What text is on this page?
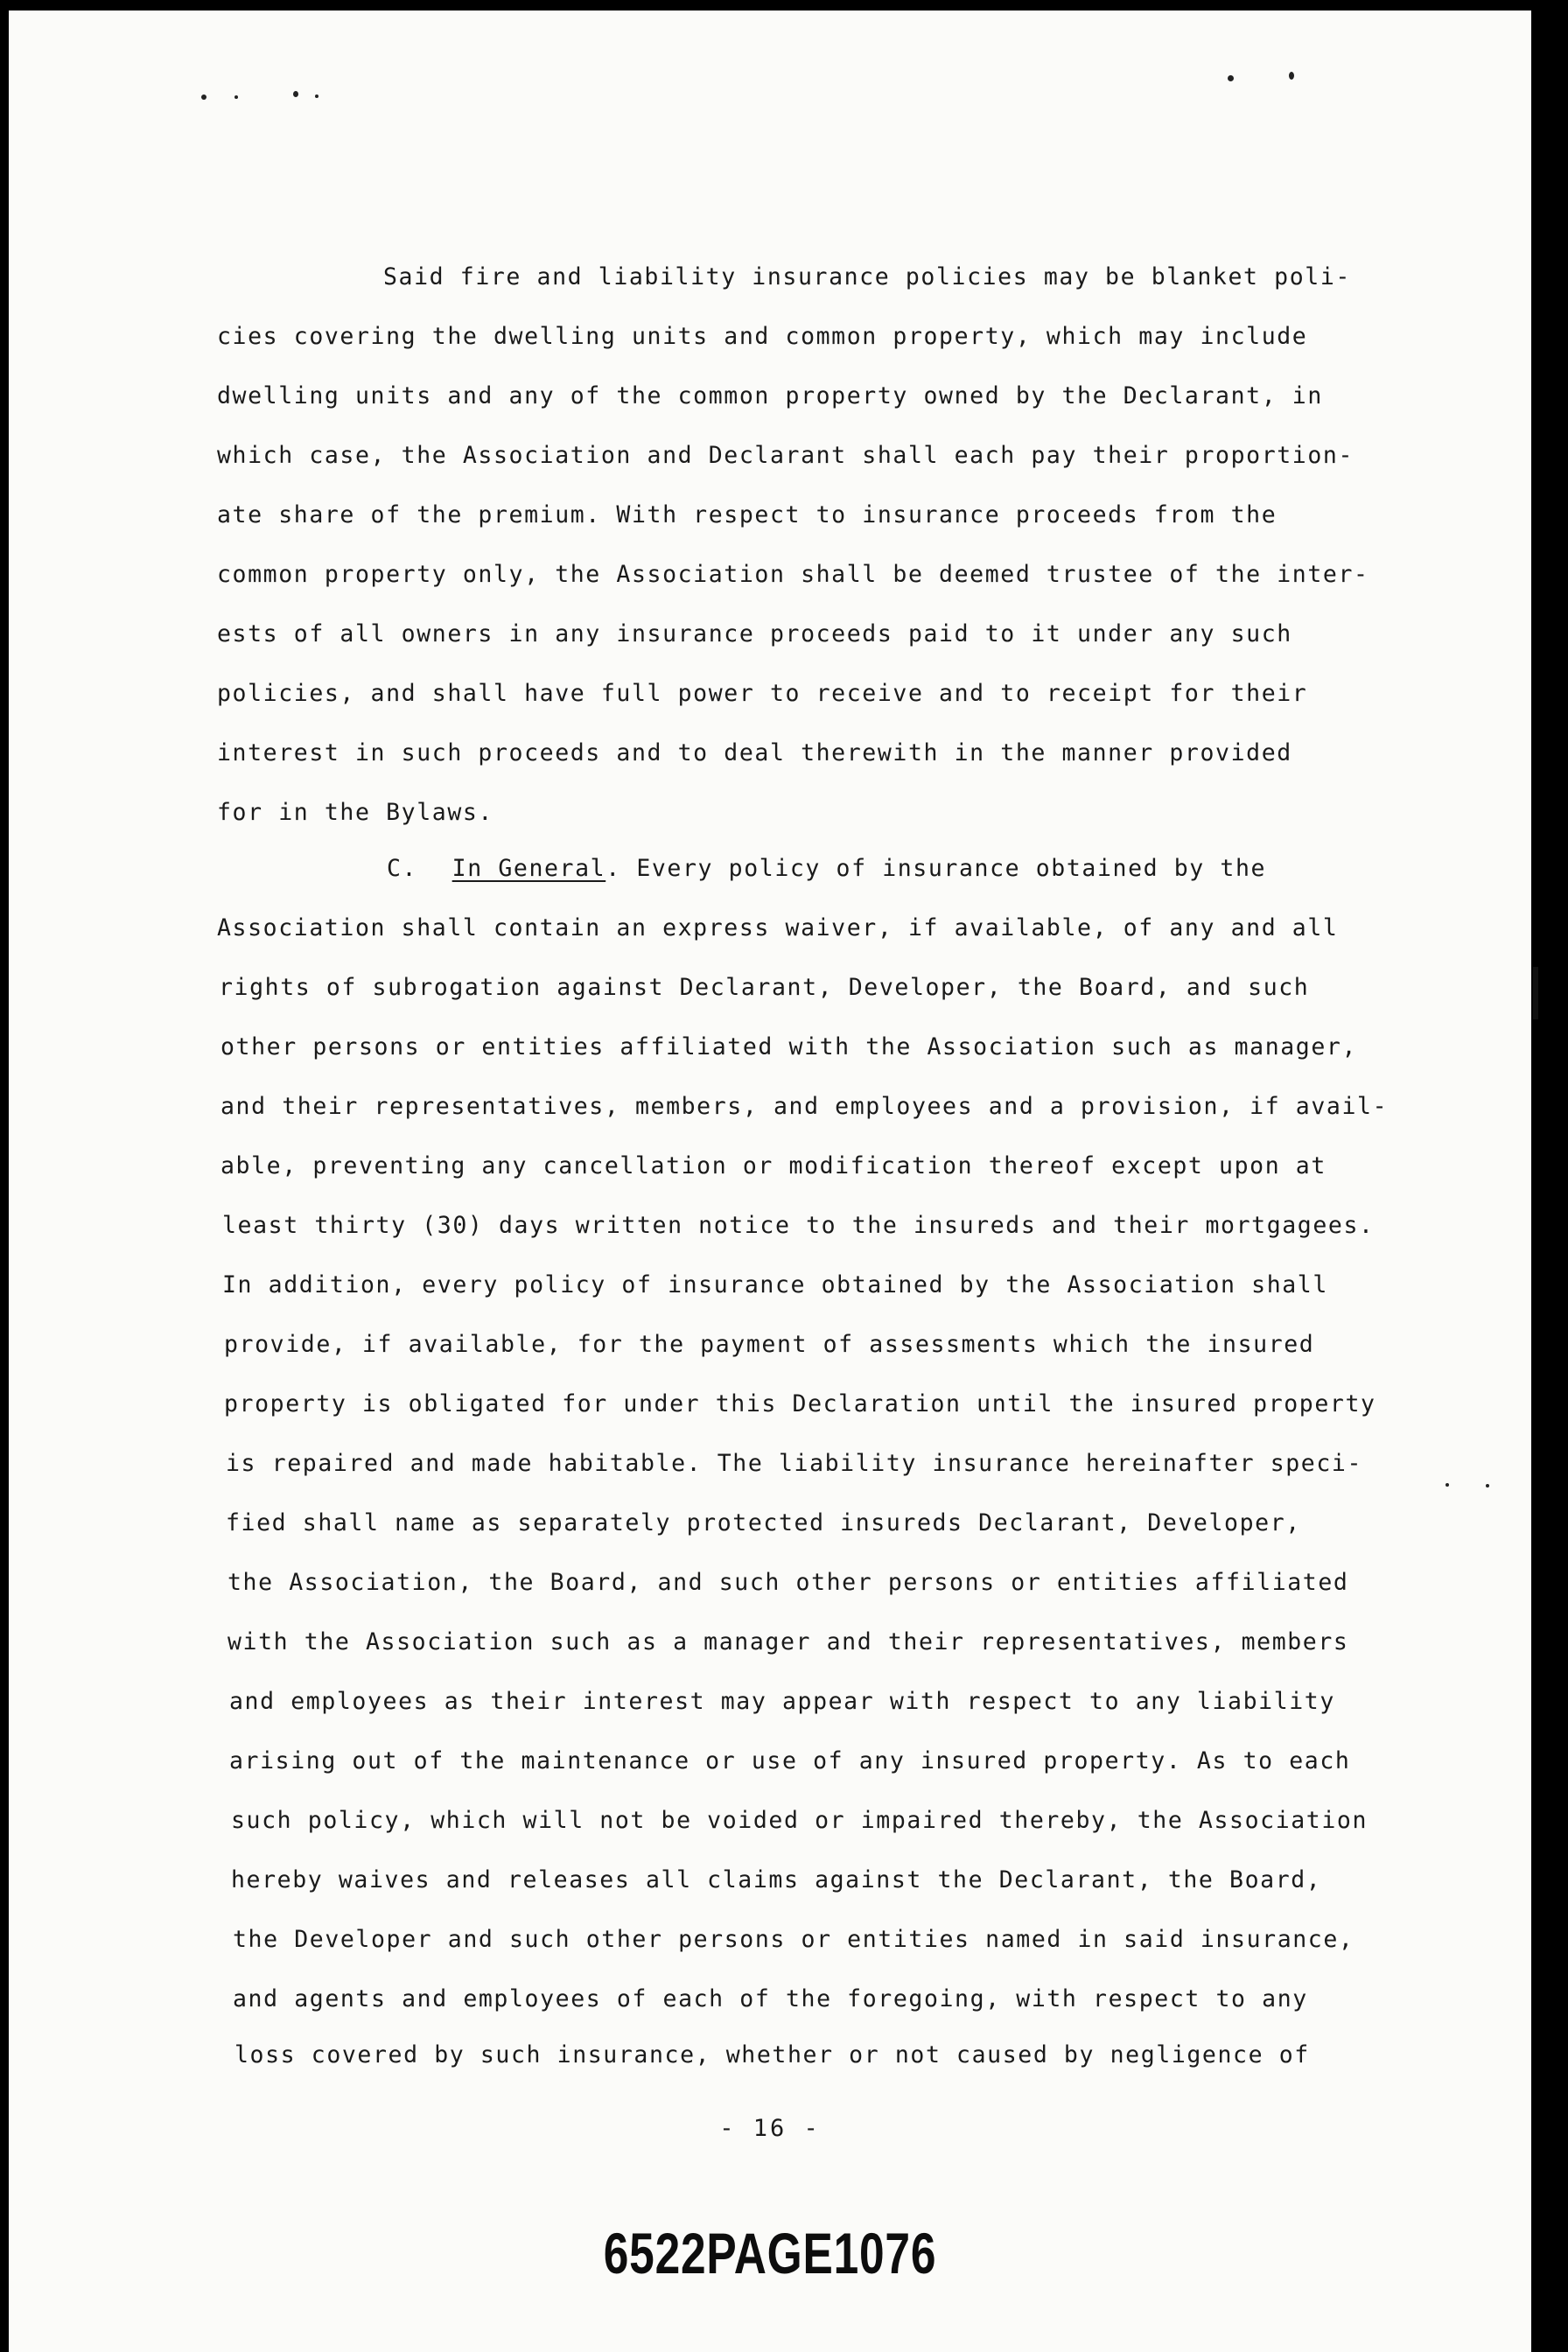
Said fire and liability insurance policies may be blanket poli-
cies covering the dwelling units and common property, which may include
dwelling units and any of the common property owned by the Declarant, in
which case, the Association and Declarant shall each pay their proportion-
ate share of the premium. With respect to insurance proceeds from the
common property only, the Association shall be deemed trustee of the inter-
ests of all owners in any insurance proceeds paid to it under any such
policies, and shall have full power to receive and to receipt for their
interest in such proceeds and to deal therewith in the manner provided
for in the Bylaws.
C. In General. Every policy of insurance obtained by the
Association shall contain an express waiver, if available, of any and all
rights of subrogation against Declarant, Developer, the Board, and such
other persons or entities affiliated with the Association such as manager,
and their representatives, members, and employees and a provision, if avail-
able, preventing any cancellation or modification thereof except upon at
least thirty (30) days written notice to the insureds and their mortgagees.
In addition, every policy of insurance obtained by the Association shall
provide, if available, for the payment of assessments which the insured
property is obligated for under this Declaration until the insured property
is repaired and made habitable. The liability insurance hereinafter speci-
fied shall name as separately protected insureds Declarant, Developer,
the Association, the Board, and such other persons or entities affiliated
with the Association such as a manager and their representatives, members
and employees as their interest may appear with respect to any liability
arising out of the maintenance or use of any insured property. As to each
such policy, which will not be voided or impaired thereby, the Association
hereby waives and releases all claims against the Declarant, the Board,
the Developer and such other persons or entities named in said insurance,
and agents and employees of each of the foregoing, with respect to any
loss covered by such insurance, whether or not caused by negligence of
- 16 -
6522PAGE1076
